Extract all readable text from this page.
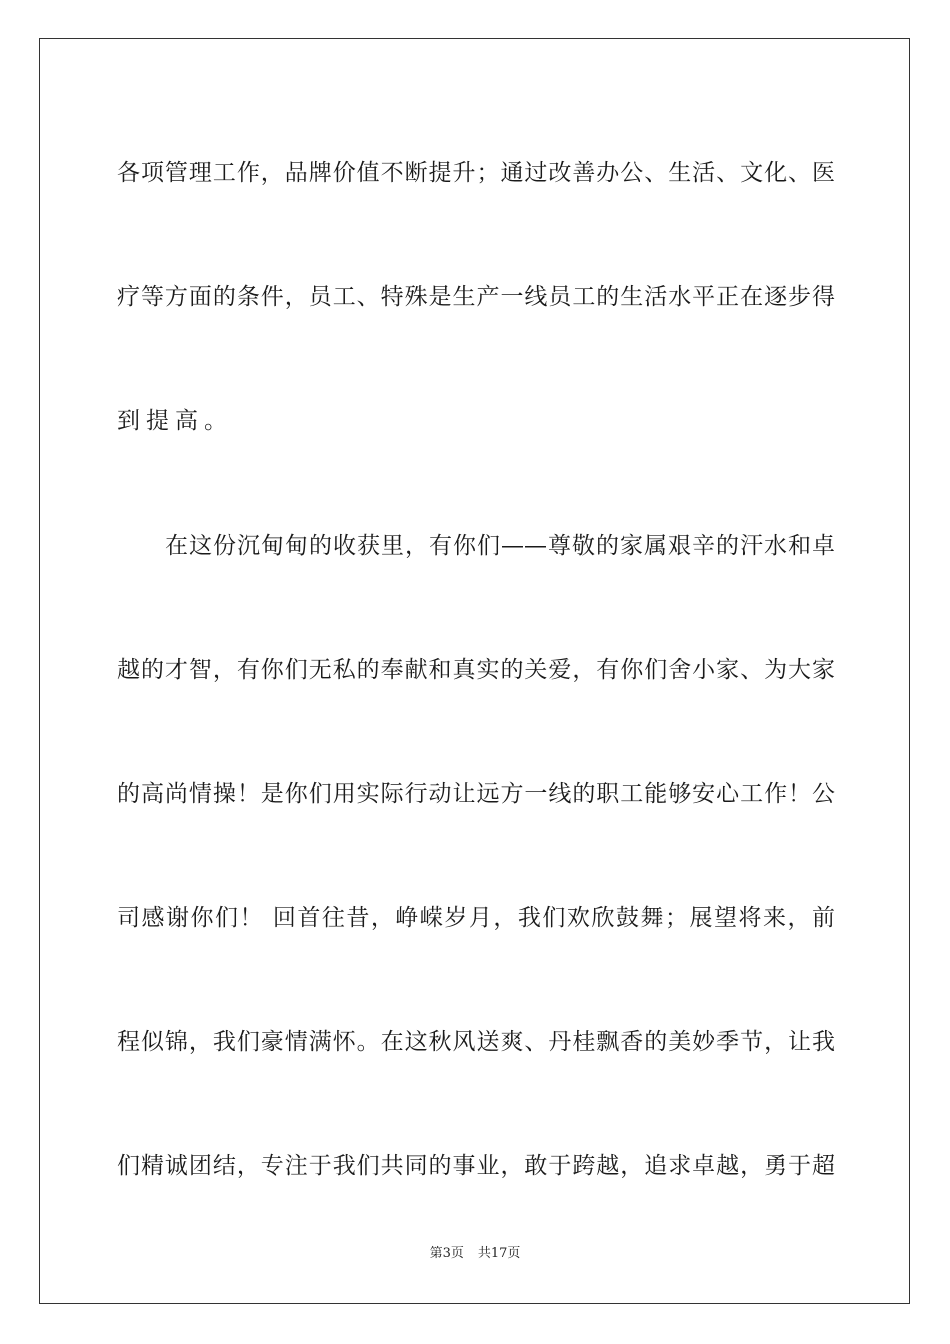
各项管理工作，品牌价值不断提升；通过改善办公、生活、文化、医

疗等方面的条件，员工、特殊是生产一线员工的生活水平正在逐步得

到提高。

在这份沉甸甸的收获里，有你们——尊敬的家属艰辛的汗水和卓

越的才智，有你们无私的奉献和真实的关爱，有你们舍小家、为大家

的高尚情操！是你们用实际行动让远方一线的职工能够安心工作！公

司感谢你们！ 回首往昔，峥嵘岁月，我们欢欣鼓舞；展望将来，前

程似锦，我们豪情满怀。在这秋风送爽、丹桂飘香的美妙季节，让我

们精诚团结，专注于我们共同的事业，敢于跨越，追求卓越，勇于超

第3页 共17页
